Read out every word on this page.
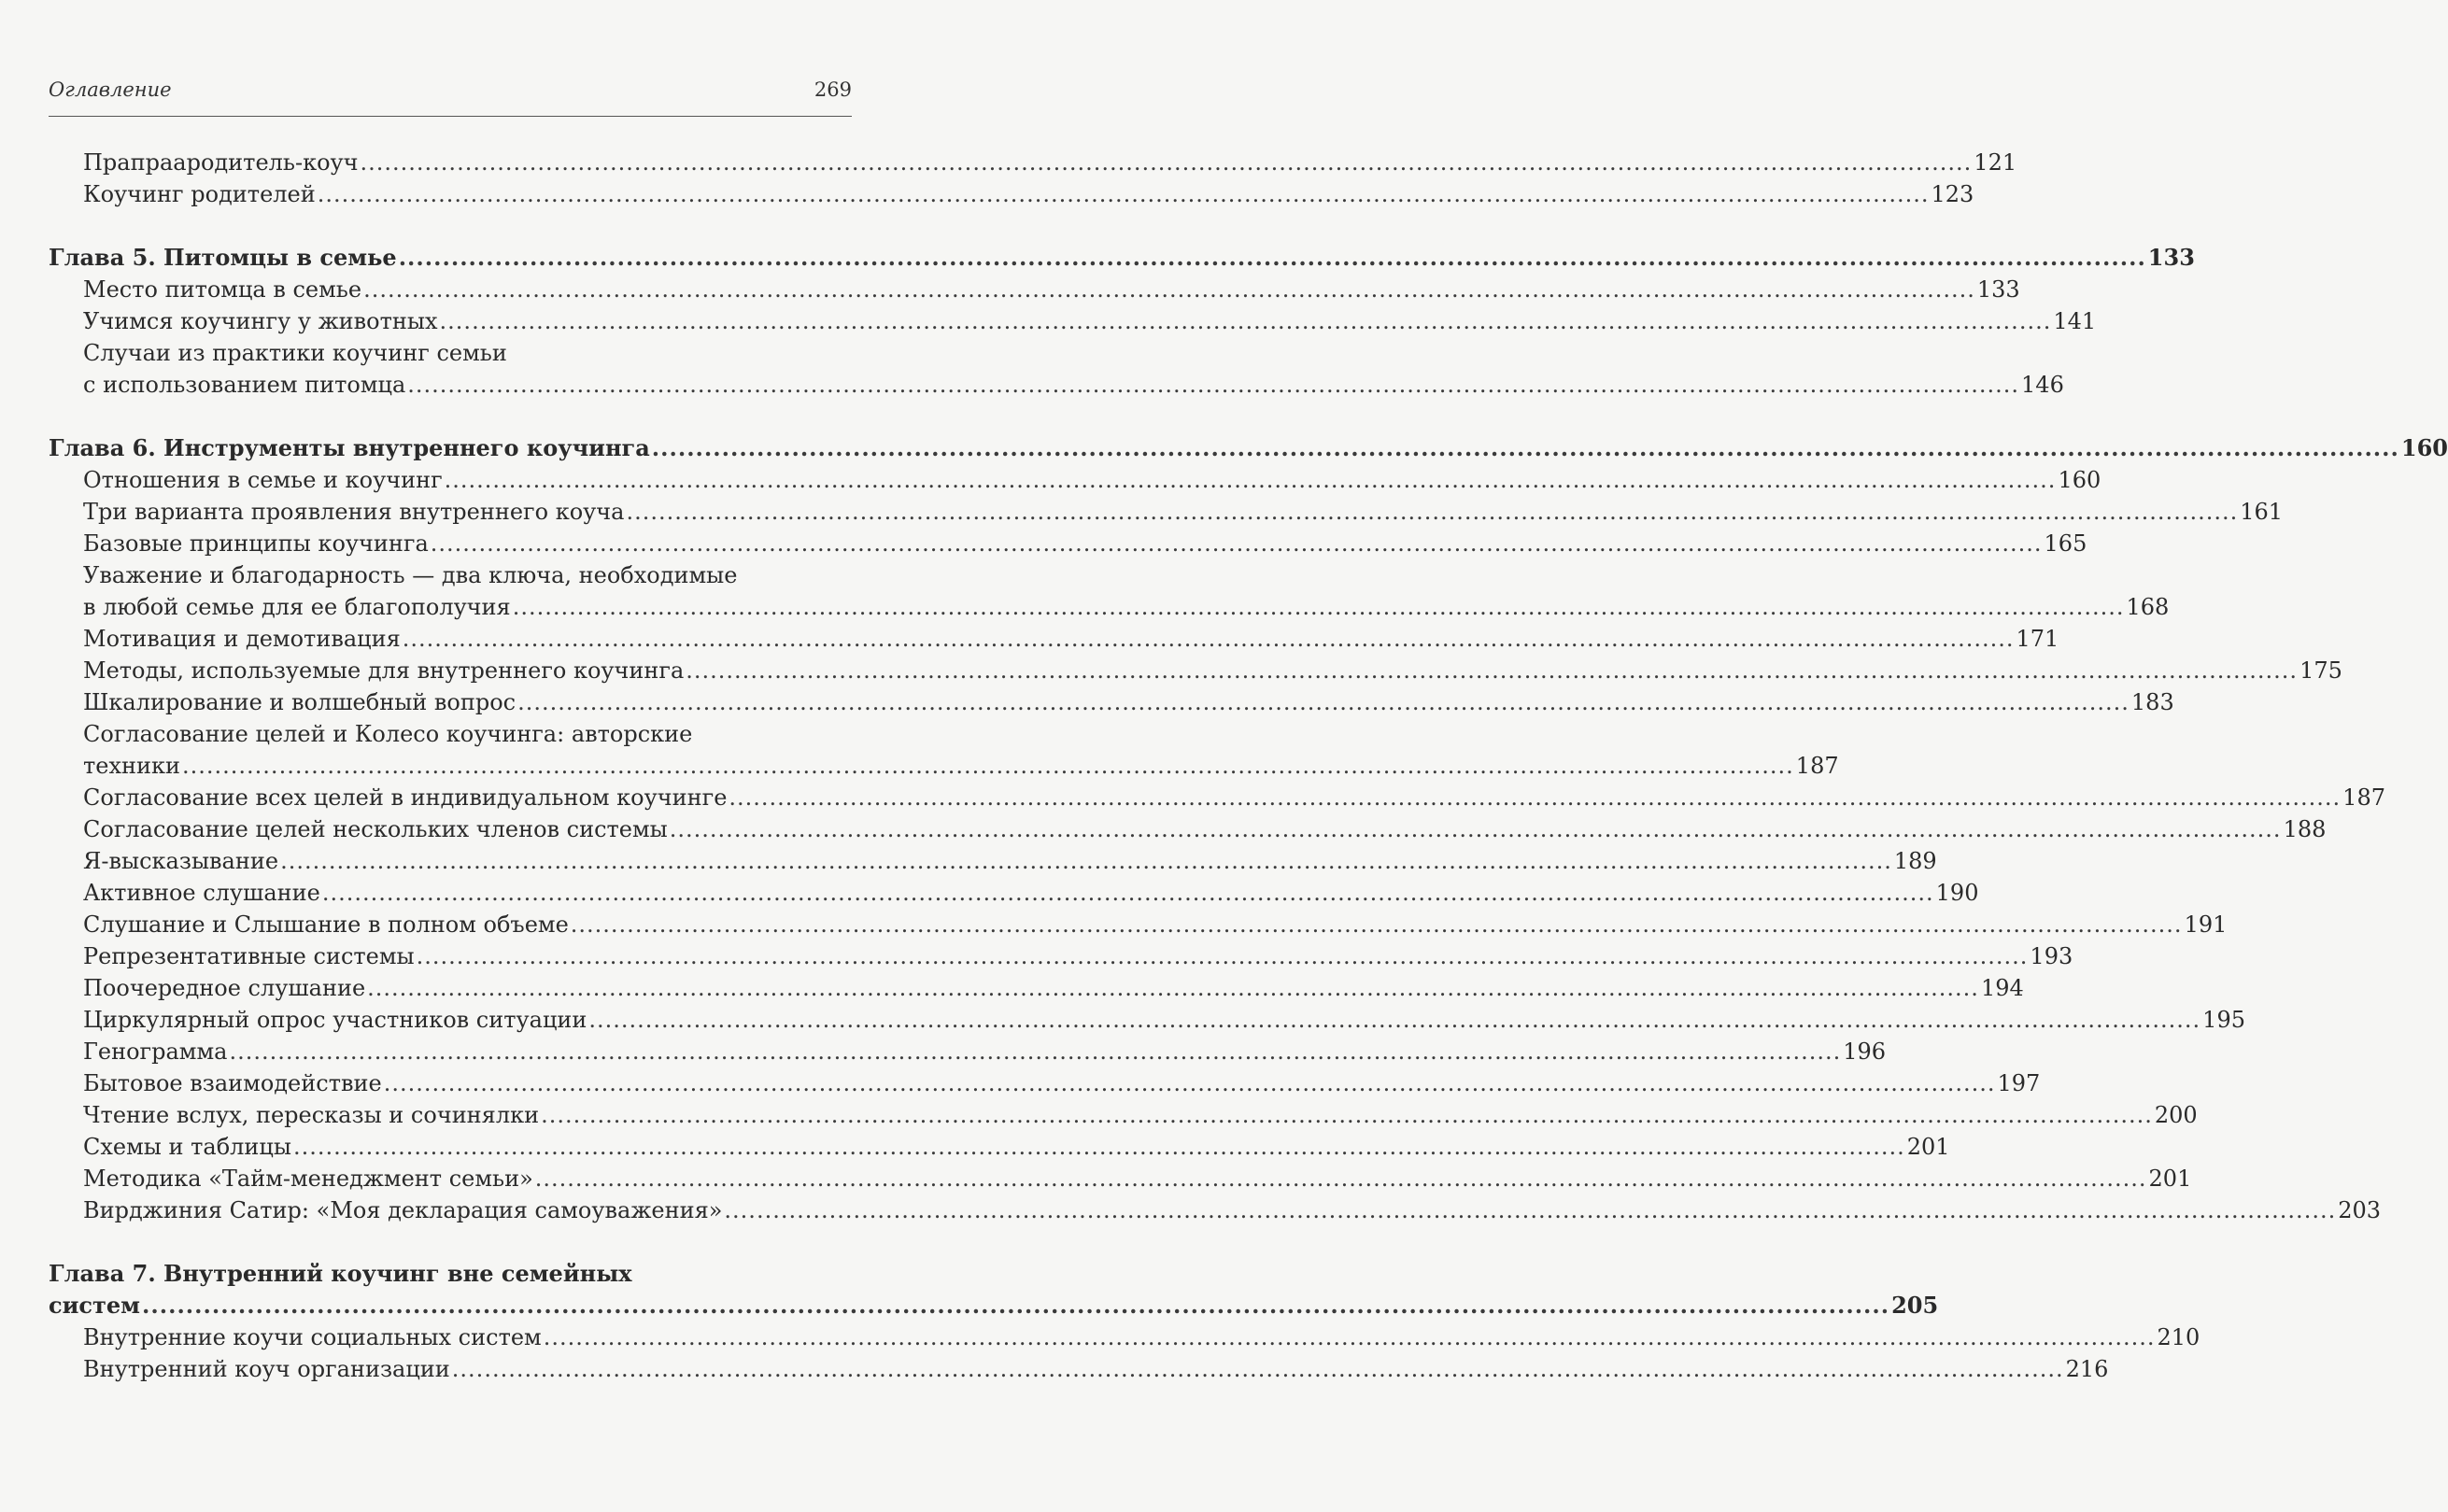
Оглавление	269
Прапраародитель-коуч ........................................................................................................................................................................................................ 121
Коучинг родителей ........................................................................................................................................................................................................ 123
Глава 5. Питомцы в семье ........................................................................................................................................................................................................ 133
Место питомца в семье ........................................................................................................................................................................................................ 133
Учимся коучингу у животных ........................................................................................................................................................................................................ 141
Случаи из практики коучинг семьи
с использованием питомца ........................................................................................................................................................................................................ 146
Глава 6. Инструменты внутреннего коучинга ........................................................................................................................................................................................................ 160
Отношения в семье и коучинг ........................................................................................................................................................................................................ 160
Три варианта проявления внутреннего коуча ........................................................................................................................................................................................................ 161
Базовые принципы коучинга ........................................................................................................................................................................................................ 165
Уважение и благодарность — два ключа, необходимые
в любой семье для ее благополучия ........................................................................................................................................................................................................ 168
Мотивация и демотивация ........................................................................................................................................................................................................ 171
Методы, используемые для внутреннего коучинга ........................................................................................................................................................................................................ 175
Шкалирование и волшебный вопрос ........................................................................................................................................................................................................ 183
Согласование целей и Колесо коучинга: авторские
техники ........................................................................................................................................................................................................ 187
Согласование всех целей в индивидуальном коучинге ........................................................................................................................................................................................................ 187
Согласование целей нескольких членов системы ........................................................................................................................................................................................................ 188
Я-высказывание ........................................................................................................................................................................................................ 189
Активное слушание ........................................................................................................................................................................................................ 190
Слушание и Слышание в полном объеме ........................................................................................................................................................................................................ 191
Репрезентативные системы ........................................................................................................................................................................................................ 193
Поочередное слушание ........................................................................................................................................................................................................ 194
Циркулярный опрос участников ситуации ........................................................................................................................................................................................................ 195
Генограмма ........................................................................................................................................................................................................ 196
Бытовое взаимодействие ........................................................................................................................................................................................................ 197
Чтение вслух, пересказы и сочинялки ........................................................................................................................................................................................................ 200
Схемы и таблицы ........................................................................................................................................................................................................ 201
Методика «Тайм-менеджмент семьи» ........................................................................................................................................................................................................ 201
Вирджиния Сатир: «Моя декларация самоуважения» ........................................................................................................................................................................................................ 203
Глава 7. Внутренний коучинг вне семейных
систем ........................................................................................................................................................................................................ 205
Внутренние коучи социальных систем ........................................................................................................................................................................................................ 210
Внутренний коуч организации ........................................................................................................................................................................................................ 216
